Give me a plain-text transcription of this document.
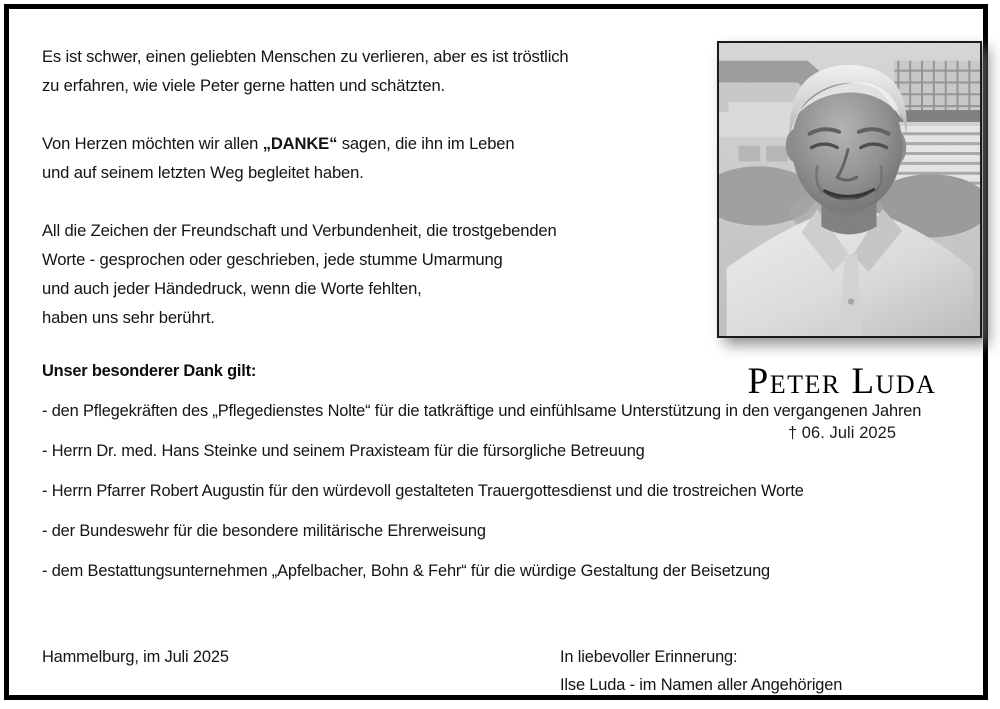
Es ist schwer, einen geliebten Menschen zu verlieren, aber es ist tröstlich
zu erfahren, wie viele Peter gerne hatten und schätzten.

Von Herzen möchten wir allen „DANKE“ sagen, die ihn im Leben
und auf seinem letzten Weg begleitet haben.

All die Zeichen der Freundschaft und Verbundenheit, die trostgebenden
Worte - gesprochen oder geschrieben, jede stumme Umarmung
und auch jeder Händedruck, wenn die Worte fehlten,
haben uns sehr berührt.

Unser besonderer Dank gilt:

- den Pflegekräften des „Pflegedienstes Nolte“ für die tatkräftige und einfühlsame Unterstützung in den vergangenen Jahren

- Herrn Dr. med. Hans Steinke und seinem Praxisteam für die fürsorgliche Betreuung

- Herrn Pfarrer Robert Augustin für den würdevoll gestalteten Trauergottesdienst und die trostreichen Worte

- der Bundeswehr für die besondere militärische Ehrerweisung

- dem Bestattungsunternehmen „Apfelbacher, Bohn & Fehr“ für die würdige Gestaltung der Beisetzung

Hammelburg, im Juli 2025	In liebevoller Erinnerung:
Ilse Luda - im Namen aller Angehörigen

Peter Luda

† 06. Juli 2025
